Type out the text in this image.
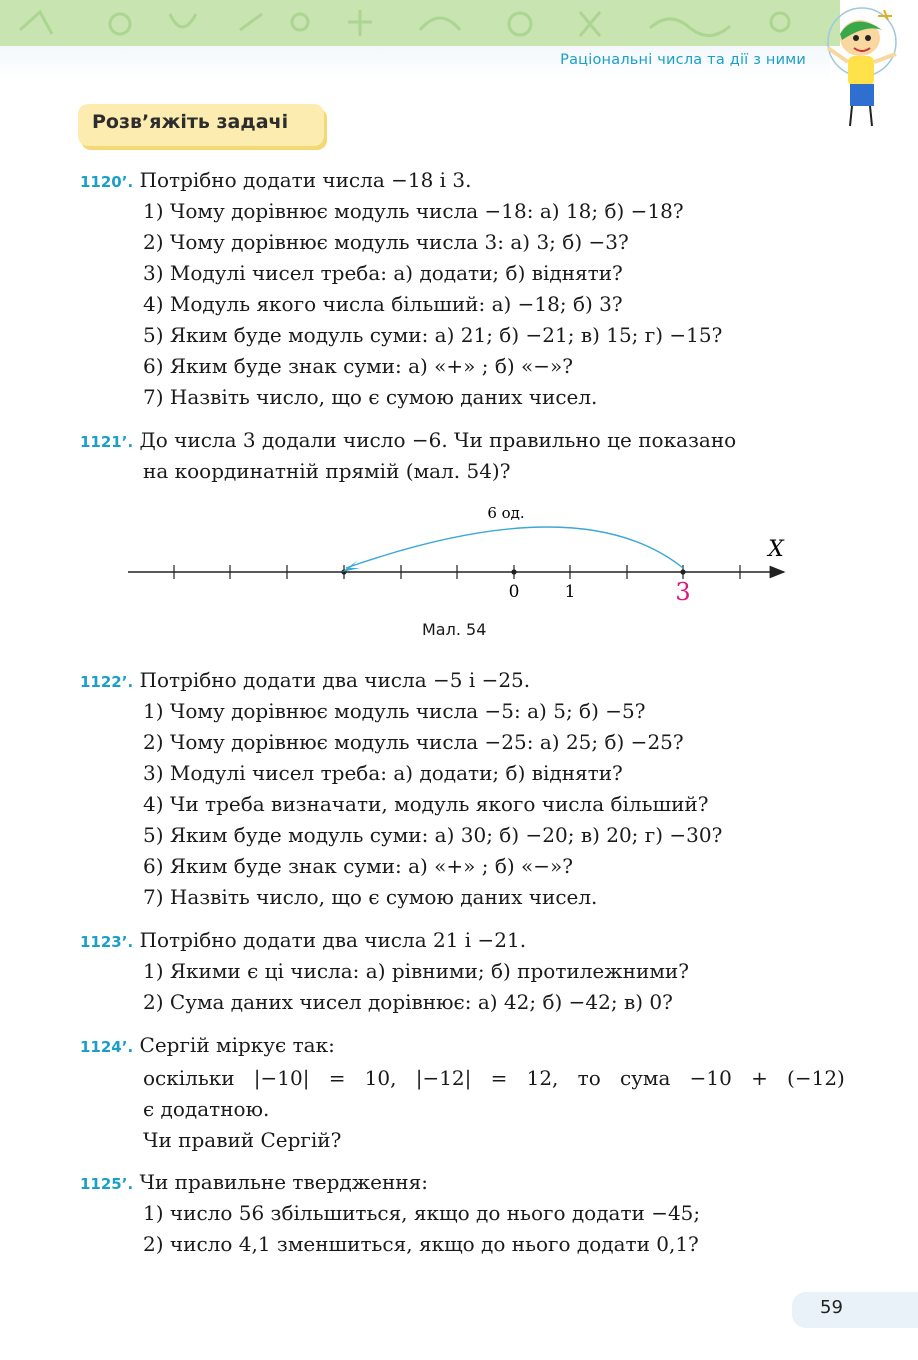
Раціональні числа та дії з ними
Розв’яжіть задачі
1120’. Потрібно додати числа −18 і 3.
1) Чому дорівнює модуль числа −18: а) 18; б) −18?
2) Чому дорівнює модуль числа 3: а) 3; б) −3?
3) Модулі чисел треба: а) додати; б) відняти?
4) Модуль якого числа більший: а) −18; б) 3?
5) Яким буде модуль суми: а) 21; б) −21; в) 15; г) −15?
6) Яким буде знак суми: а) «+» ; б) «−»?
7) Назвіть число, що є сумою даних чисел.
1121’. До числа 3 додали число −6. Чи правильно це показано
на координатній прямій (мал. 54)?
6 од.
X
0	1	3
Мал. 54
1122’. Потрібно додати два числа −5 і −25.
1) Чому дорівнює модуль числа −5: а) 5; б) −5?
2) Чому дорівнює модуль числа −25: а) 25; б) −25?
3) Модулі чисел треба: а) додати; б) відняти?
4) Чи треба визначати, модуль якого числа більший?
5) Яким буде модуль суми: а) 30; б) −20; в) 20; г) −30?
6) Яким буде знак суми: а) «+» ; б) «−»?
7) Назвіть число, що є сумою даних чисел.
1123’. Потрібно додати два числа 21 і −21.
1) Якими є ці числа: а) рівними; б) протилежними?
2) Сума даних чисел дорівнює: а) 42; б) −42; в) 0?
1124’. Сергій міркує так:
оскільки |−10| = 10, |−12| = 12, то сума −10 + (−12)
є додатною.
Чи правий Сергій?
1125’. Чи правильне твердження:
1) число 56 збільшиться, якщо до нього додати −45;
2) число 4,1 зменшиться, якщо до нього додати 0,1?
59
